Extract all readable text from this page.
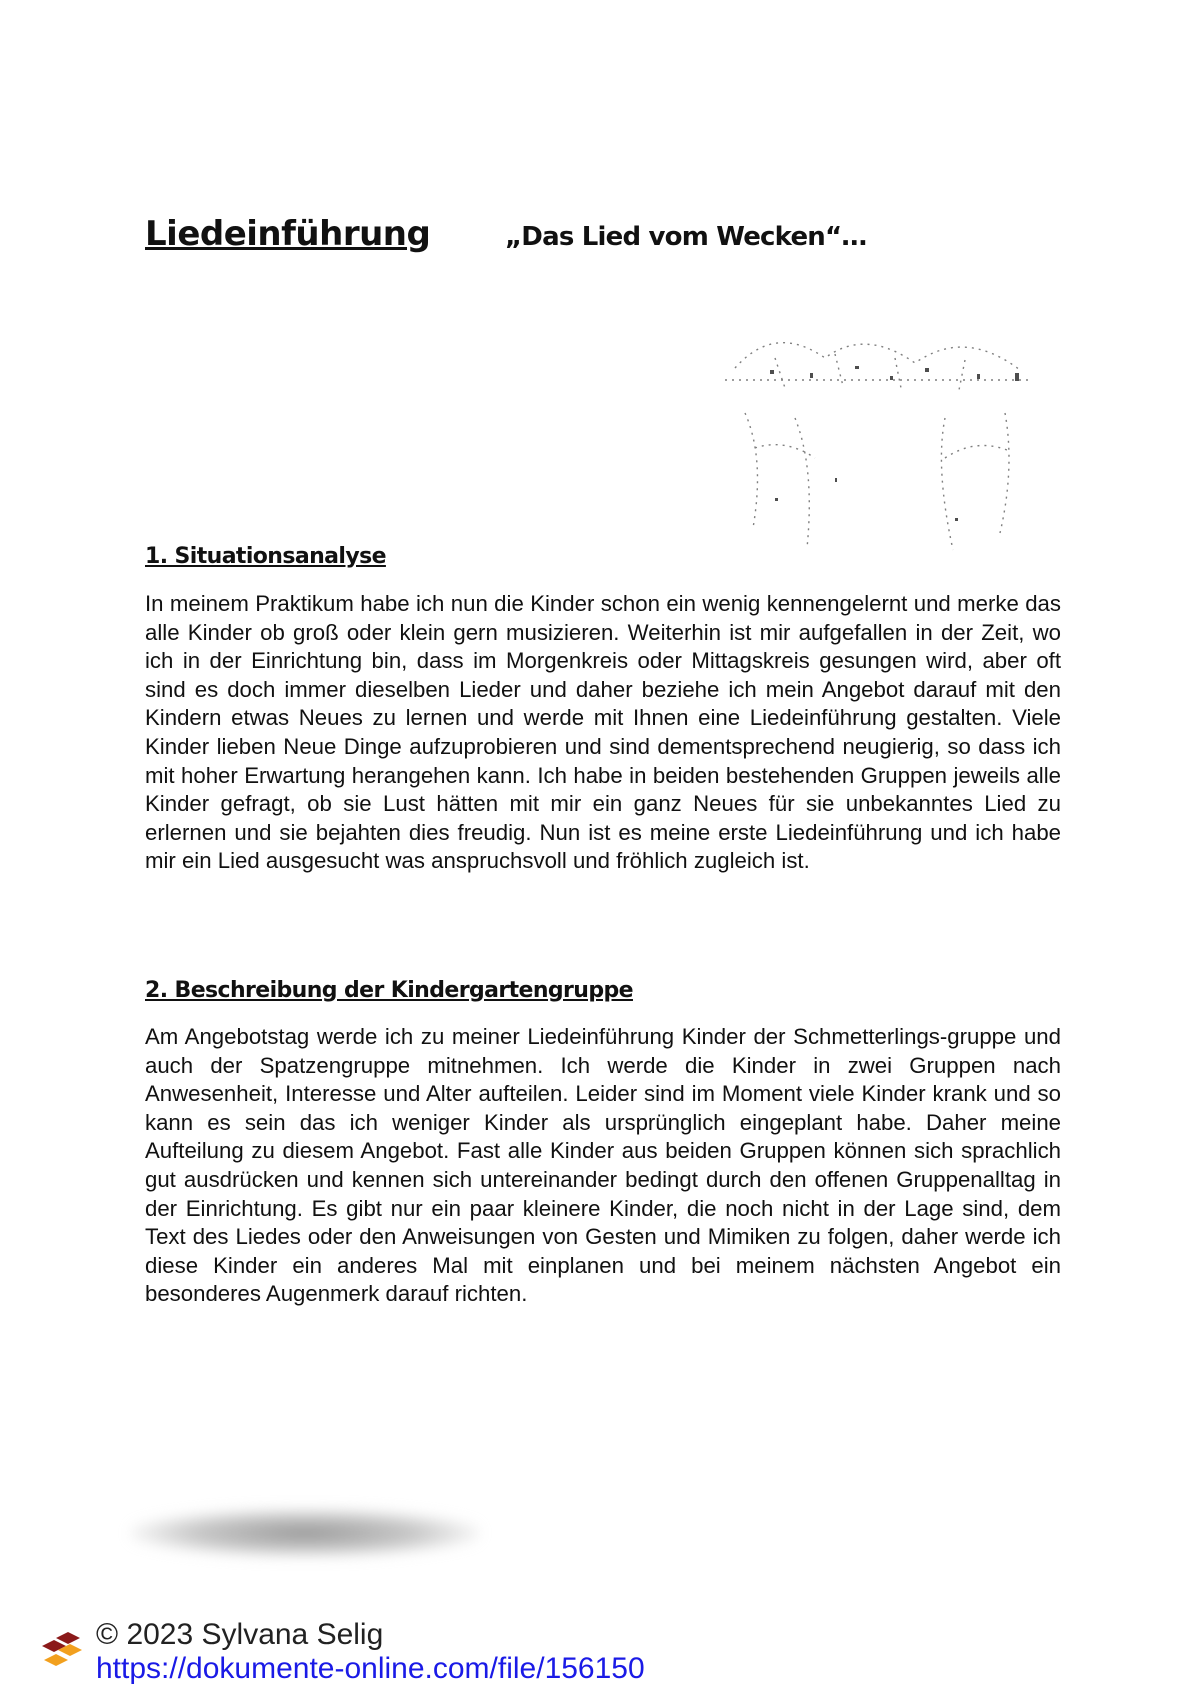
Liedeinführung	„Das Lied vom Wecken“…
1. Situationsanalyse

In meinem Praktikum habe ich nun die Kinder schon ein wenig kennengelernt und merke das alle Kinder ob groß oder klein gern musizieren. Weiterhin ist mir aufgefallen in der Zeit, wo ich in der Einrichtung bin, dass im Morgenkreis oder Mittagskreis gesungen wird, aber oft sind es doch immer dieselben Lieder und daher beziehe ich mein Angebot darauf mit den Kindern etwas Neues zu lernen und werde mit Ihnen eine Liedeinführung gestalten. Viele Kinder lieben Neue Dinge aufzuprobieren und sind dementsprechend neugierig, so dass ich mit hoher Erwartung herangehen kann. Ich habe in beiden bestehenden Gruppen jeweils alle Kinder gefragt, ob sie Lust hätten mit mir ein ganz Neues für sie unbekanntes Lied zu erlernen und sie bejahten dies freudig. Nun ist es meine erste Liedeinführung und ich habe mir ein Lied ausgesucht was anspruchsvoll und fröhlich zugleich ist.

2. Beschreibung der Kindergartengruppe

Am Angebotstag werde ich zu meiner Liedeinführung Kinder der Schmetterlings-gruppe und auch der Spatzengruppe mitnehmen. Ich werde die Kinder in zwei Gruppen nach Anwesenheit, Interesse und Alter aufteilen. Leider sind im Moment viele Kinder krank und so kann es sein das ich weniger Kinder als ursprünglich eingeplant habe. Daher meine Aufteilung zu diesem Angebot. Fast alle Kinder aus beiden Gruppen können sich sprachlich gut ausdrücken und kennen sich untereinander bedingt durch den offenen Gruppenalltag in der Einrichtung. Es gibt nur ein paar kleinere Kinder, die noch nicht in der Lage sind, dem Text des Liedes oder den Anweisungen von Gesten und Mimiken zu folgen, daher werde ich diese Kinder ein anderes Mal mit einplanen und bei meinem nächsten Angebot ein besonderes Augenmerk darauf richten.

© 2023 Sylvana Selig
https://dokumente-online.com/file/156150
